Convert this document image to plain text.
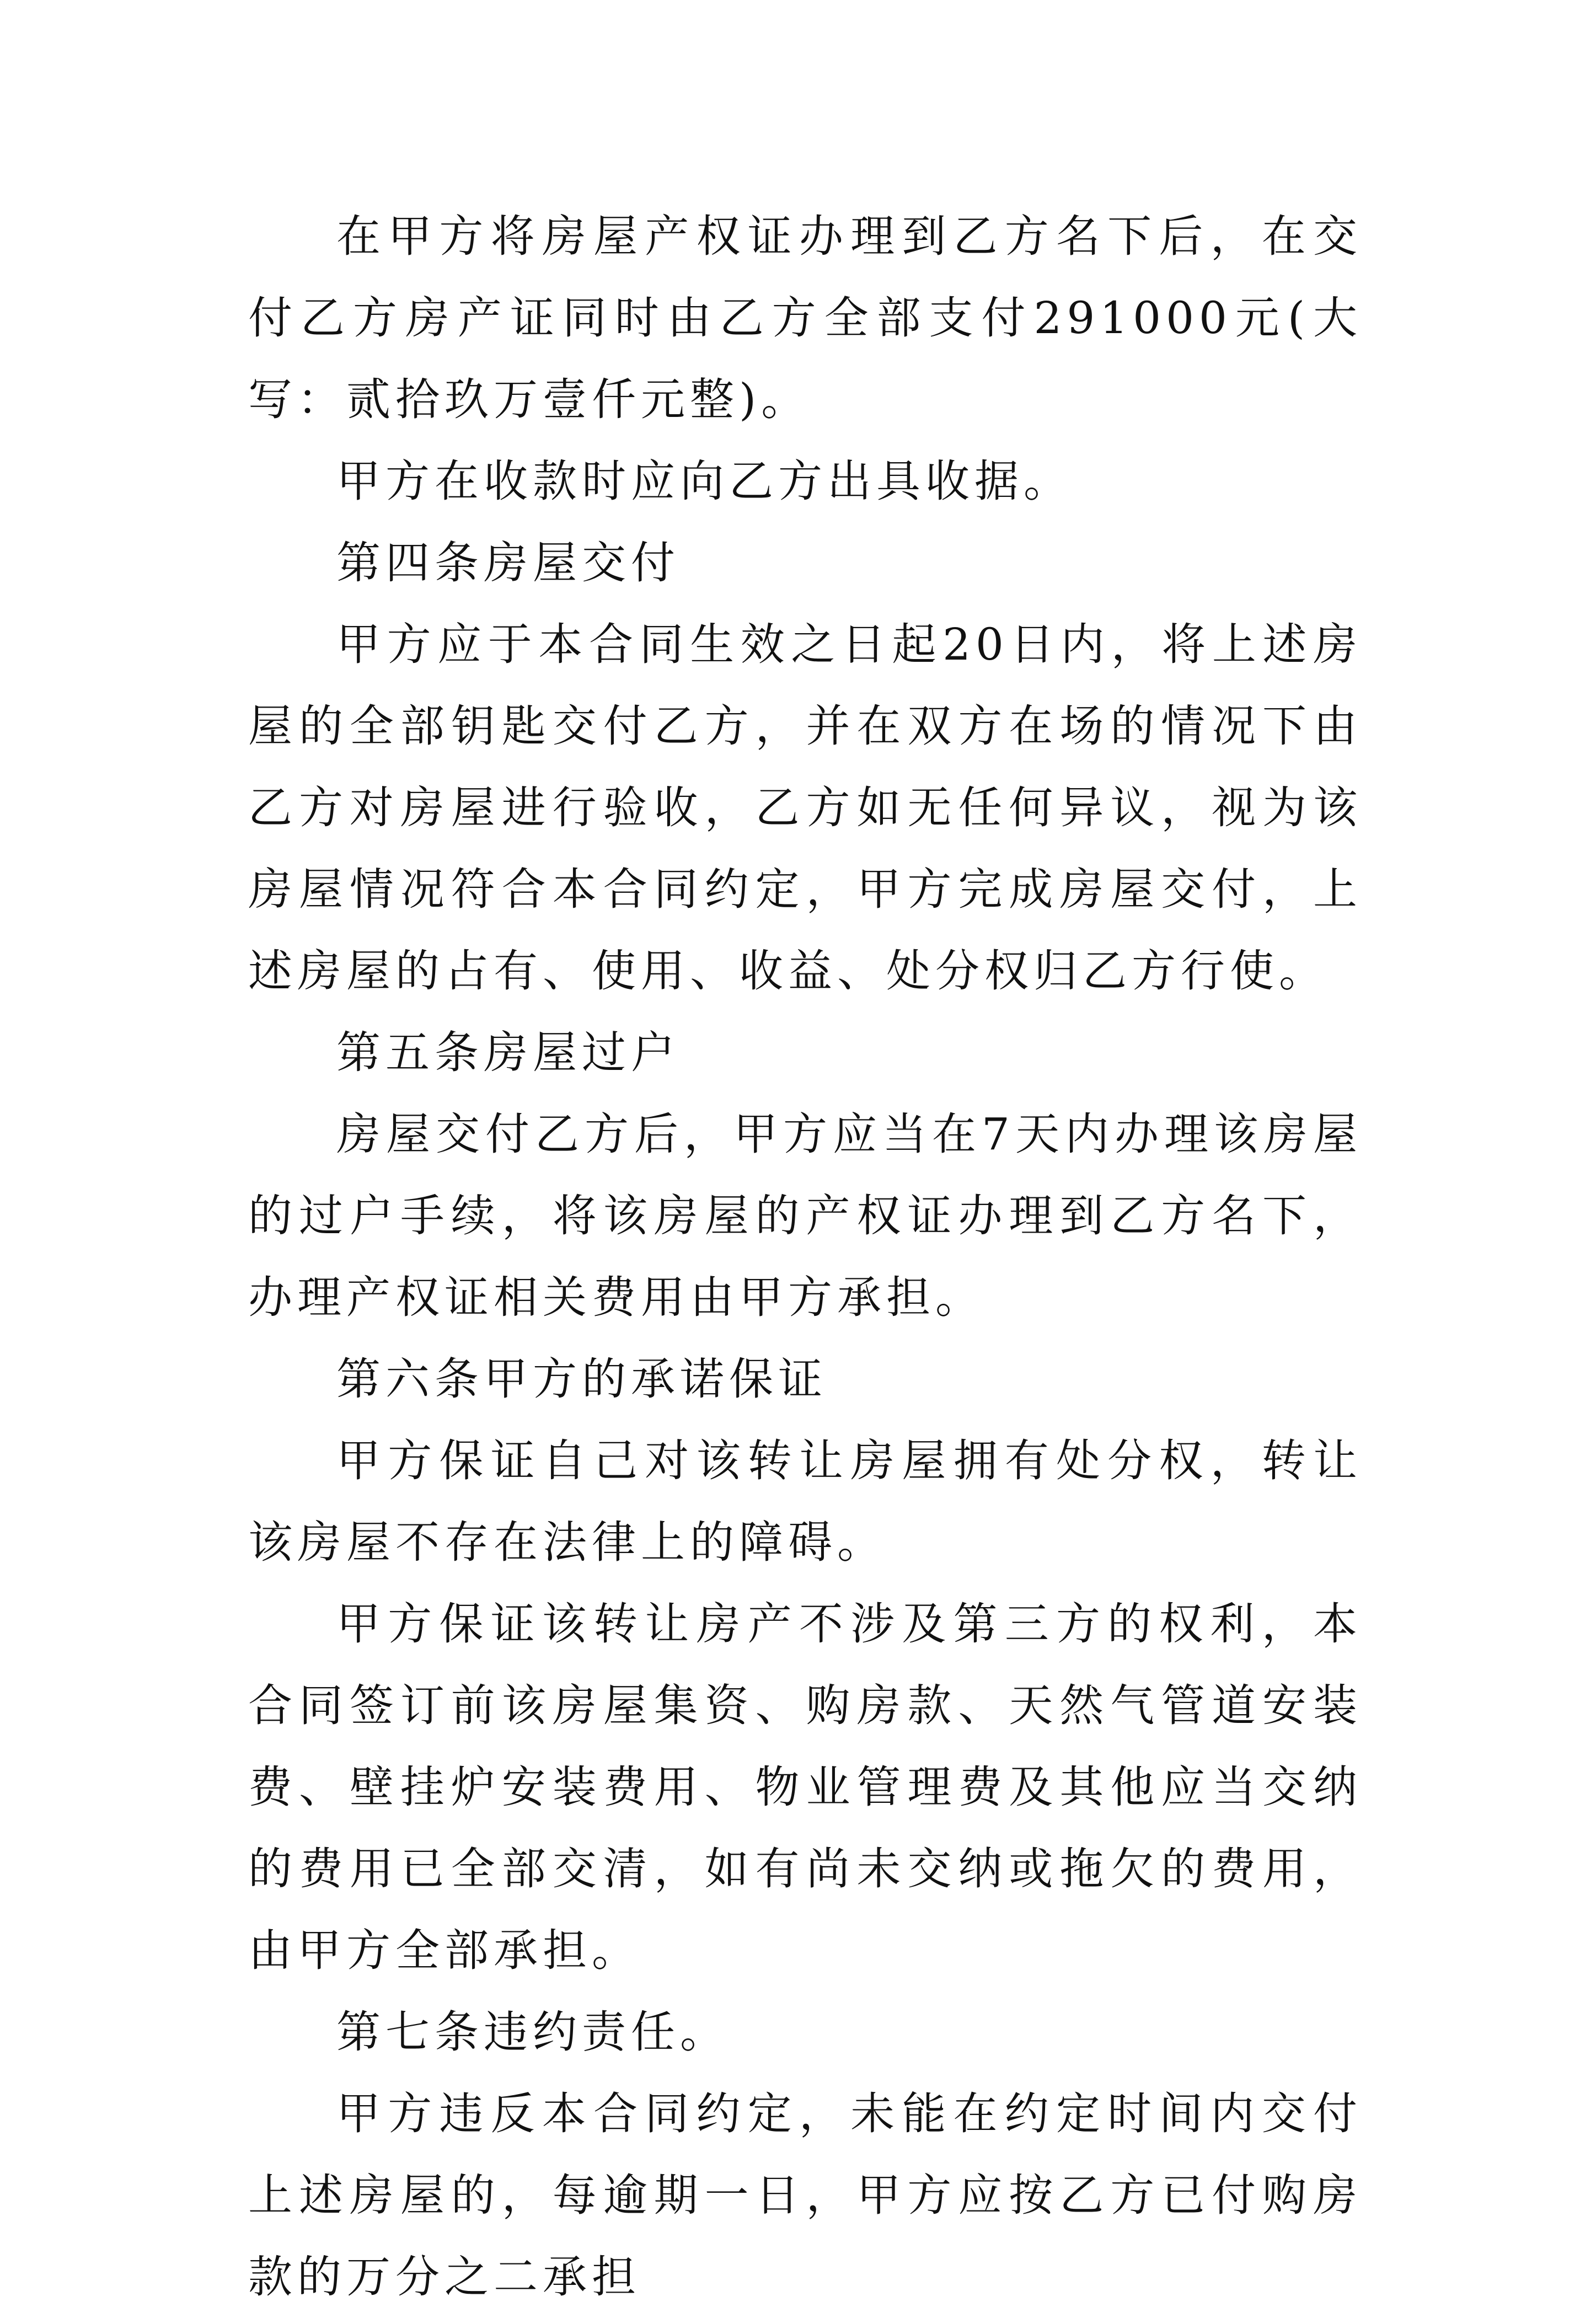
在甲方将房屋产权证办理到乙方名下后，在交付乙方房产证同时由乙方全部支付291000元(大写：贰拾玖万壹仟元整)。

甲方在收款时应向乙方出具收据。

第四条房屋交付

甲方应于本合同生效之日起20日内，将上述房屋的全部钥匙交付乙方，并在双方在场的情况下由乙方对房屋进行验收，乙方如无任何异议，视为该房屋情况符合本合同约定，甲方完成房屋交付，上述房屋的占有、使用、收益、处分权归乙方行使。

第五条房屋过户

房屋交付乙方后，甲方应当在7天内办理该房屋的过户手续，将该房屋的产权证办理到乙方名下，办理产权证相关费用由甲方承担。

第六条甲方的承诺保证

甲方保证自己对该转让房屋拥有处分权，转让该房屋不存在法律上的障碍。

甲方保证该转让房产不涉及第三方的权利，本合同签订前该房屋集资、购房款、天然气管道安装费、壁挂炉安装费用、物业管理费及其他应当交纳的费用已全部交清，如有尚未交纳或拖欠的费用，由甲方全部承担。

第七条违约责任。

甲方违反本合同约定，未能在约定时间内交付上述房屋的，每逾期一日，甲方应按乙方已付购房款的万分之二承担
